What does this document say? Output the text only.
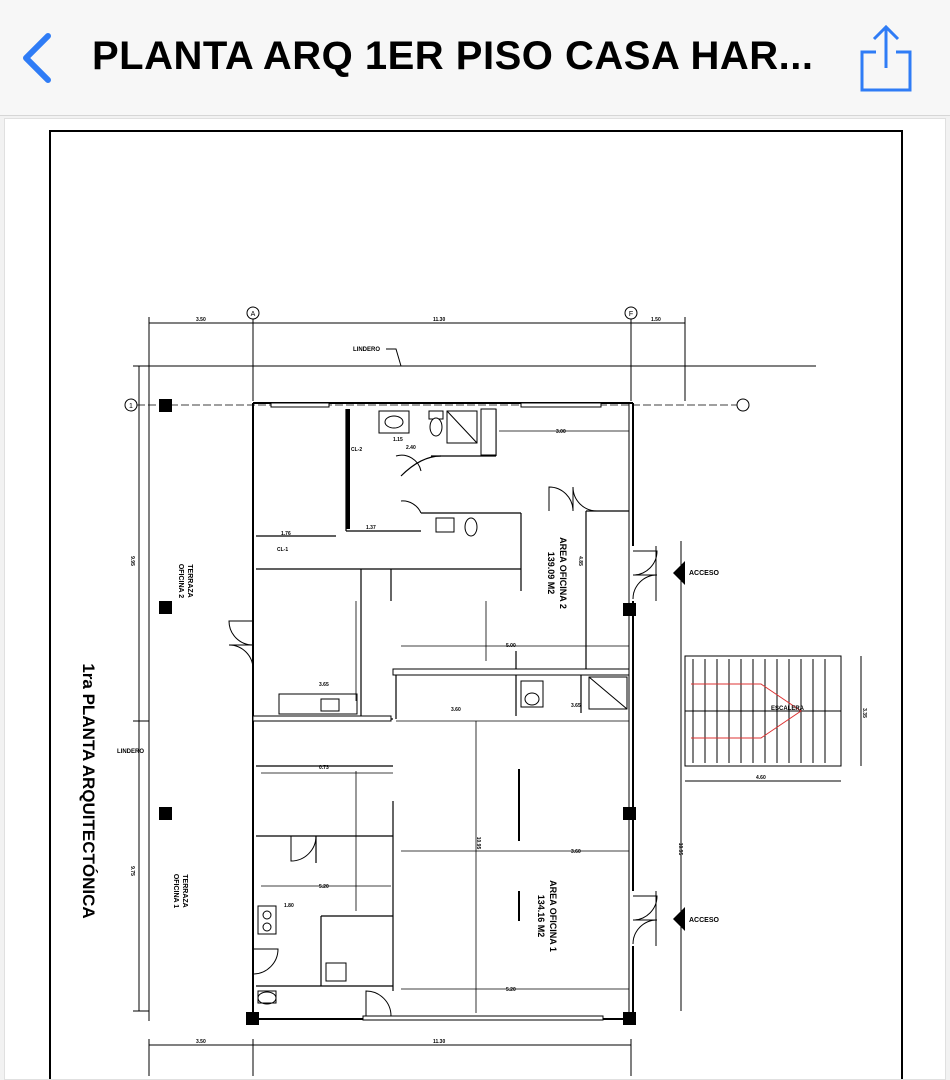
PLANTA ARQ 1ER PISO CASA HAR...
A	F
1
LINDERO
LINDERO
ESCALERA
ACCESO
ACCESO
1ra PLANTA ARQUITECTÓNICA
TERRAZA
OFICINA 2
TERRAZA
OFICINA 1
AREA OFICINA 2
139.09 M2
AREA OFICINA 1
134.16 M2
3.50	11.30	1.50
3.50	11.30
4.60
1.76
1.37
1.15
2.40
3.00
5.00
3.65
3.60
0.73
5.20
1.80
3.60
5.20
3.65
CL-1
CL-2
9.95
9.75
10.95
3.35
10.95
4.85
